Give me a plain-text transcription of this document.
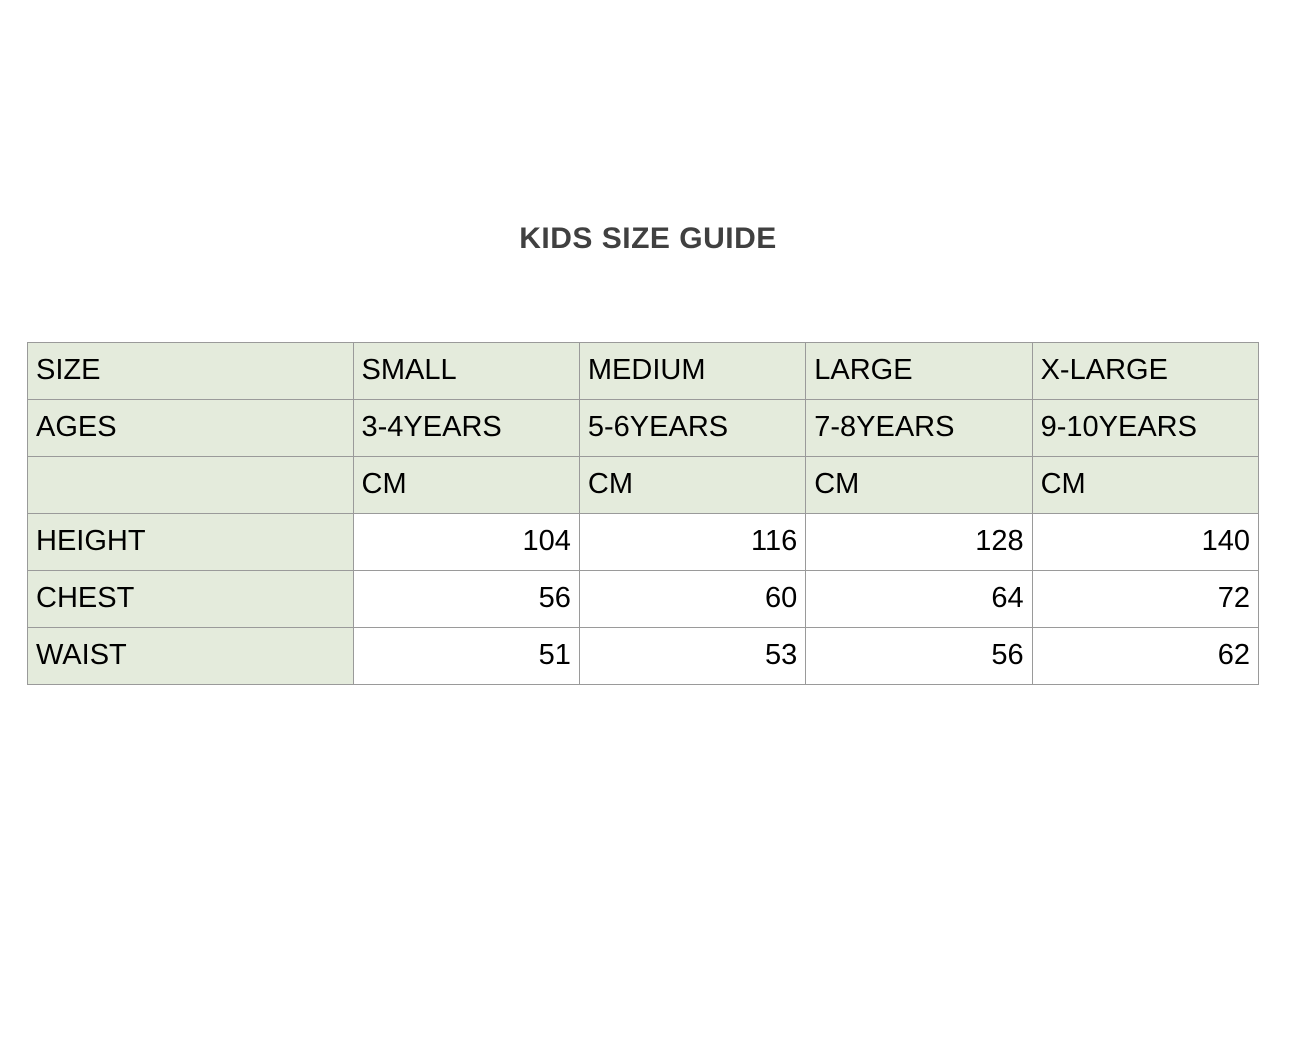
KIDS SIZE GUIDE
SIZE	SMALL	MEDIUM	LARGE	X-LARGE
AGES	3-4YEARS	5-6YEARS	7-8YEARS	9-10YEARS
	CM	CM	CM	CM
HEIGHT	104	116	128	140
CHEST	56	60	64	72
WAIST	51	53	56	62
